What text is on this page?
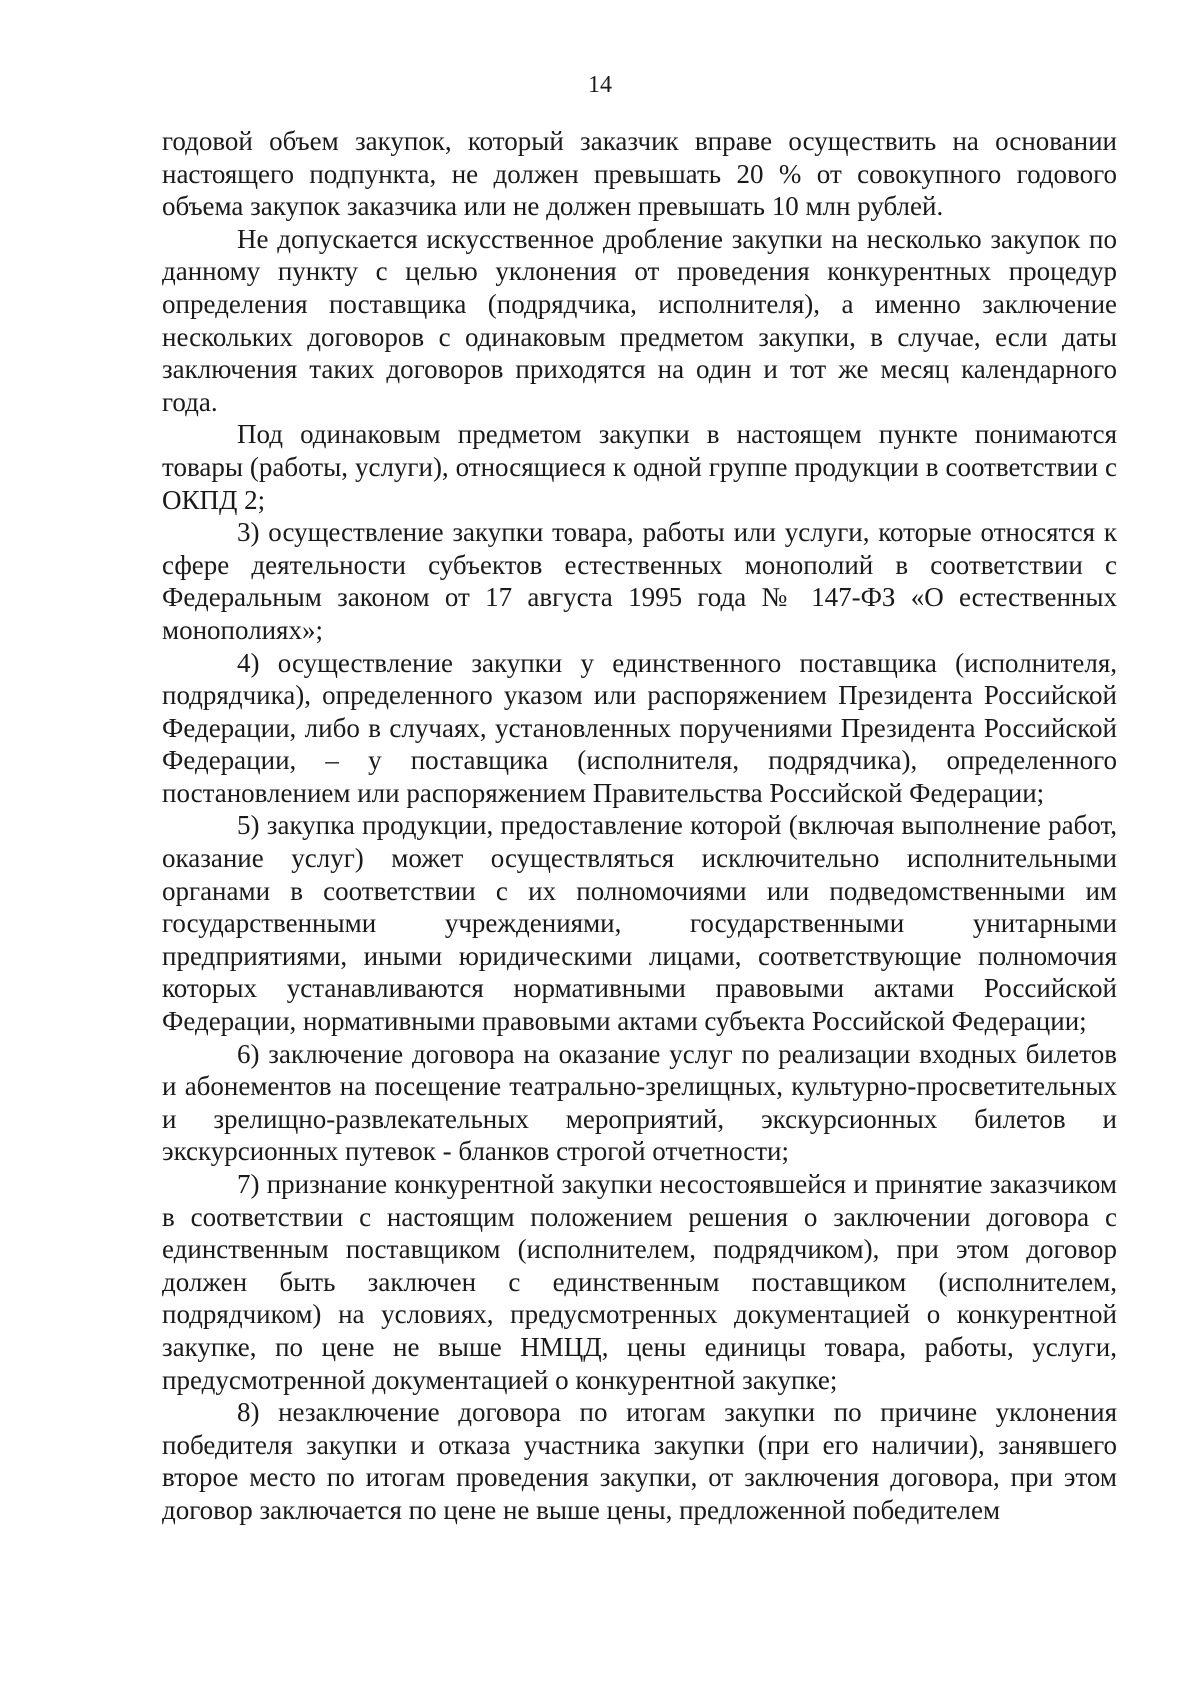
14

годовой объем закупок, который заказчик вправе осуществить на основании настоящего подпункта, не должен превышать 20 % от совокупного годового объема закупок заказчика или не должен превышать 10 млн рублей.

Не допускается искусственное дробление закупки на несколько закупок по данному пункту с целью уклонения от проведения конкурентных процедур определения поставщика (подрядчика, исполнителя), а именно заключение нескольких договоров с одинаковым предметом закупки, в случае, если даты заключения таких договоров приходятся на один и тот же месяц календарного года.

Под одинаковым предметом закупки в настоящем пункте понимаются товары (работы, услуги), относящиеся к одной группе продукции в соответствии с ОКПД 2;

3) осуществление закупки товара, работы или услуги, которые относятся к сфере деятельности субъектов естественных монополий в соответствии с Федеральным законом от 17 августа 1995 года № 147-ФЗ «О естественных монополиях»;

4) осуществление закупки у единственного поставщика (исполнителя, подрядчика), определенного указом или распоряжением Президента Российской Федерации, либо в случаях, установленных поручениями Президента Российской Федерации, – у поставщика (исполнителя, подрядчика), определенного постановлением или распоряжением Правительства Российской Федерации;

5) закупка продукции, предоставление которой (включая выполнение работ, оказание услуг) может осуществляться исключительно исполнительными органами в соответствии с их полномочиями или подведомственными им государственными учреждениями, государственными унитарными предприятиями, иными юридическими лицами, соответствующие полномочия которых устанавливаются нормативными правовыми актами Российской Федерации, нормативными правовыми актами субъекта Российской Федерации;

6) заключение договора на оказание услуг по реализации входных билетов и абонементов на посещение театрально-зрелищных, культурно-просветительных и зрелищно-развлекательных мероприятий, экскурсионных билетов и экскурсионных путевок - бланков строгой отчетности;

7) признание конкурентной закупки несостоявшейся и принятие заказчиком в соответствии с настоящим положением решения о заключении договора с единственным поставщиком (исполнителем, подрядчиком), при этом договор должен быть заключен с единственным поставщиком (исполнителем, подрядчиком) на условиях, предусмотренных документацией о конкурентной закупке, по цене не выше НМЦД, цены единицы товара, работы, услуги, предусмотренной документацией о конкурентной закупке;

8) незаключение договора по итогам закупки по причине уклонения победителя закупки и отказа участника закупки (при его наличии), занявшего второе место по итогам проведения закупки, от заключения договора, при этом договор заключается по цене не выше цены, предложенной победителем
